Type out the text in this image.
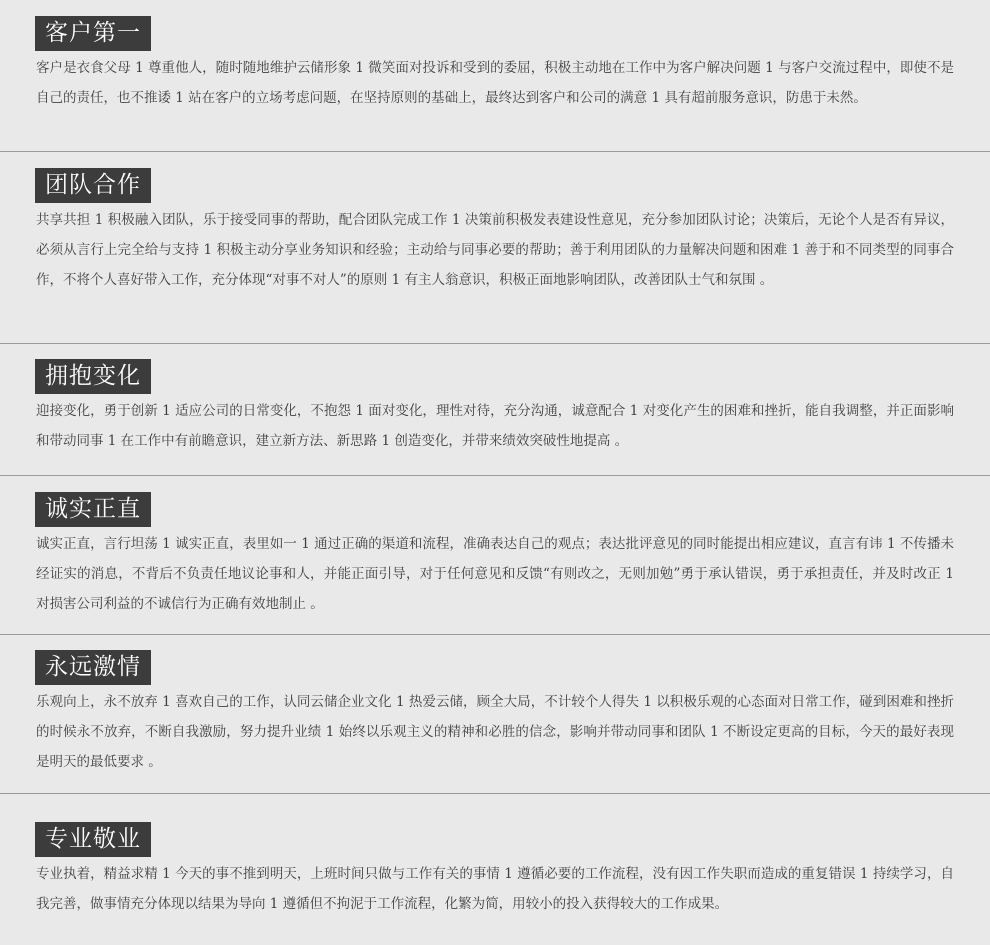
客户第一

客户是衣食父母 1 尊重他人，随时随地维护云储形象 1 微笑面对投诉和受到的委屈，积极主动地在工作中为客户解决问题 1 与客户交流过程中，即使不是自己的责任，也不推诿 1 站在客户的立场考虑问题，在坚持原则的基础上，最终达到客户和公司的满意 1 具有超前服务意识，防患于未然。

团队合作

共享共担 1 积极融入团队，乐于接受同事的帮助，配合团队完成工作 1 决策前积极发表建设性意见，充分参加团队讨论；决策后，无论个人是否有异议，必须从言行上完全给与支持 1 积极主动分享业务知识和经验；主动给与同事必要的帮助；善于利用团队的力量解决问题和困难 1 善于和不同类型的同事合作，不将个人喜好带入工作，充分体现“对事不对人”的原则 1 有主人翁意识，积极正面地影响团队，改善团队士气和氛围 。

拥抱变化

迎接变化，勇于创新 1 适应公司的日常变化，不抱怨 1 面对变化，理性对待，充分沟通，诚意配合 1 对变化产生的困难和挫折，能自我调整，并正面影响和带动同事 1 在工作中有前瞻意识，建立新方法、新思路 1 创造变化，并带来绩效突破性地提高 。

诚实正直

诚实正直，言行坦荡 1 诚实正直，表里如一 1 通过正确的渠道和流程，准确表达自己的观点；表达批评意见的同时能提出相应建议，直言有讳 1 不传播未经证实的消息，不背后不负责任地议论事和人，并能正面引导，对于任何意见和反馈“有则改之，无则加勉”勇于承认错误，勇于承担责任，并及时改正 1 对损害公司利益的不诚信行为正确有效地制止 。

永远激情

乐观向上，永不放弃 1 喜欢自己的工作，认同云储企业文化 1 热爱云储，顾全大局，不计较个人得失 1 以积极乐观的心态面对日常工作，碰到困难和挫折的时候永不放弃，不断自我激励，努力提升业绩 1 始终以乐观主义的精神和必胜的信念，影响并带动同事和团队 1 不断设定更高的目标，今天的最好表现是明天的最低要求 。

专业敬业

专业执着，精益求精 1 今天的事不推到明天，上班时间只做与工作有关的事情 1 遵循必要的工作流程，没有因工作失职而造成的重复错误 1 持续学习，自我完善，做事情充分体现以结果为导向 1 遵循但不拘泥于工作流程，化繁为简，用较小的投入获得较大的工作成果。
